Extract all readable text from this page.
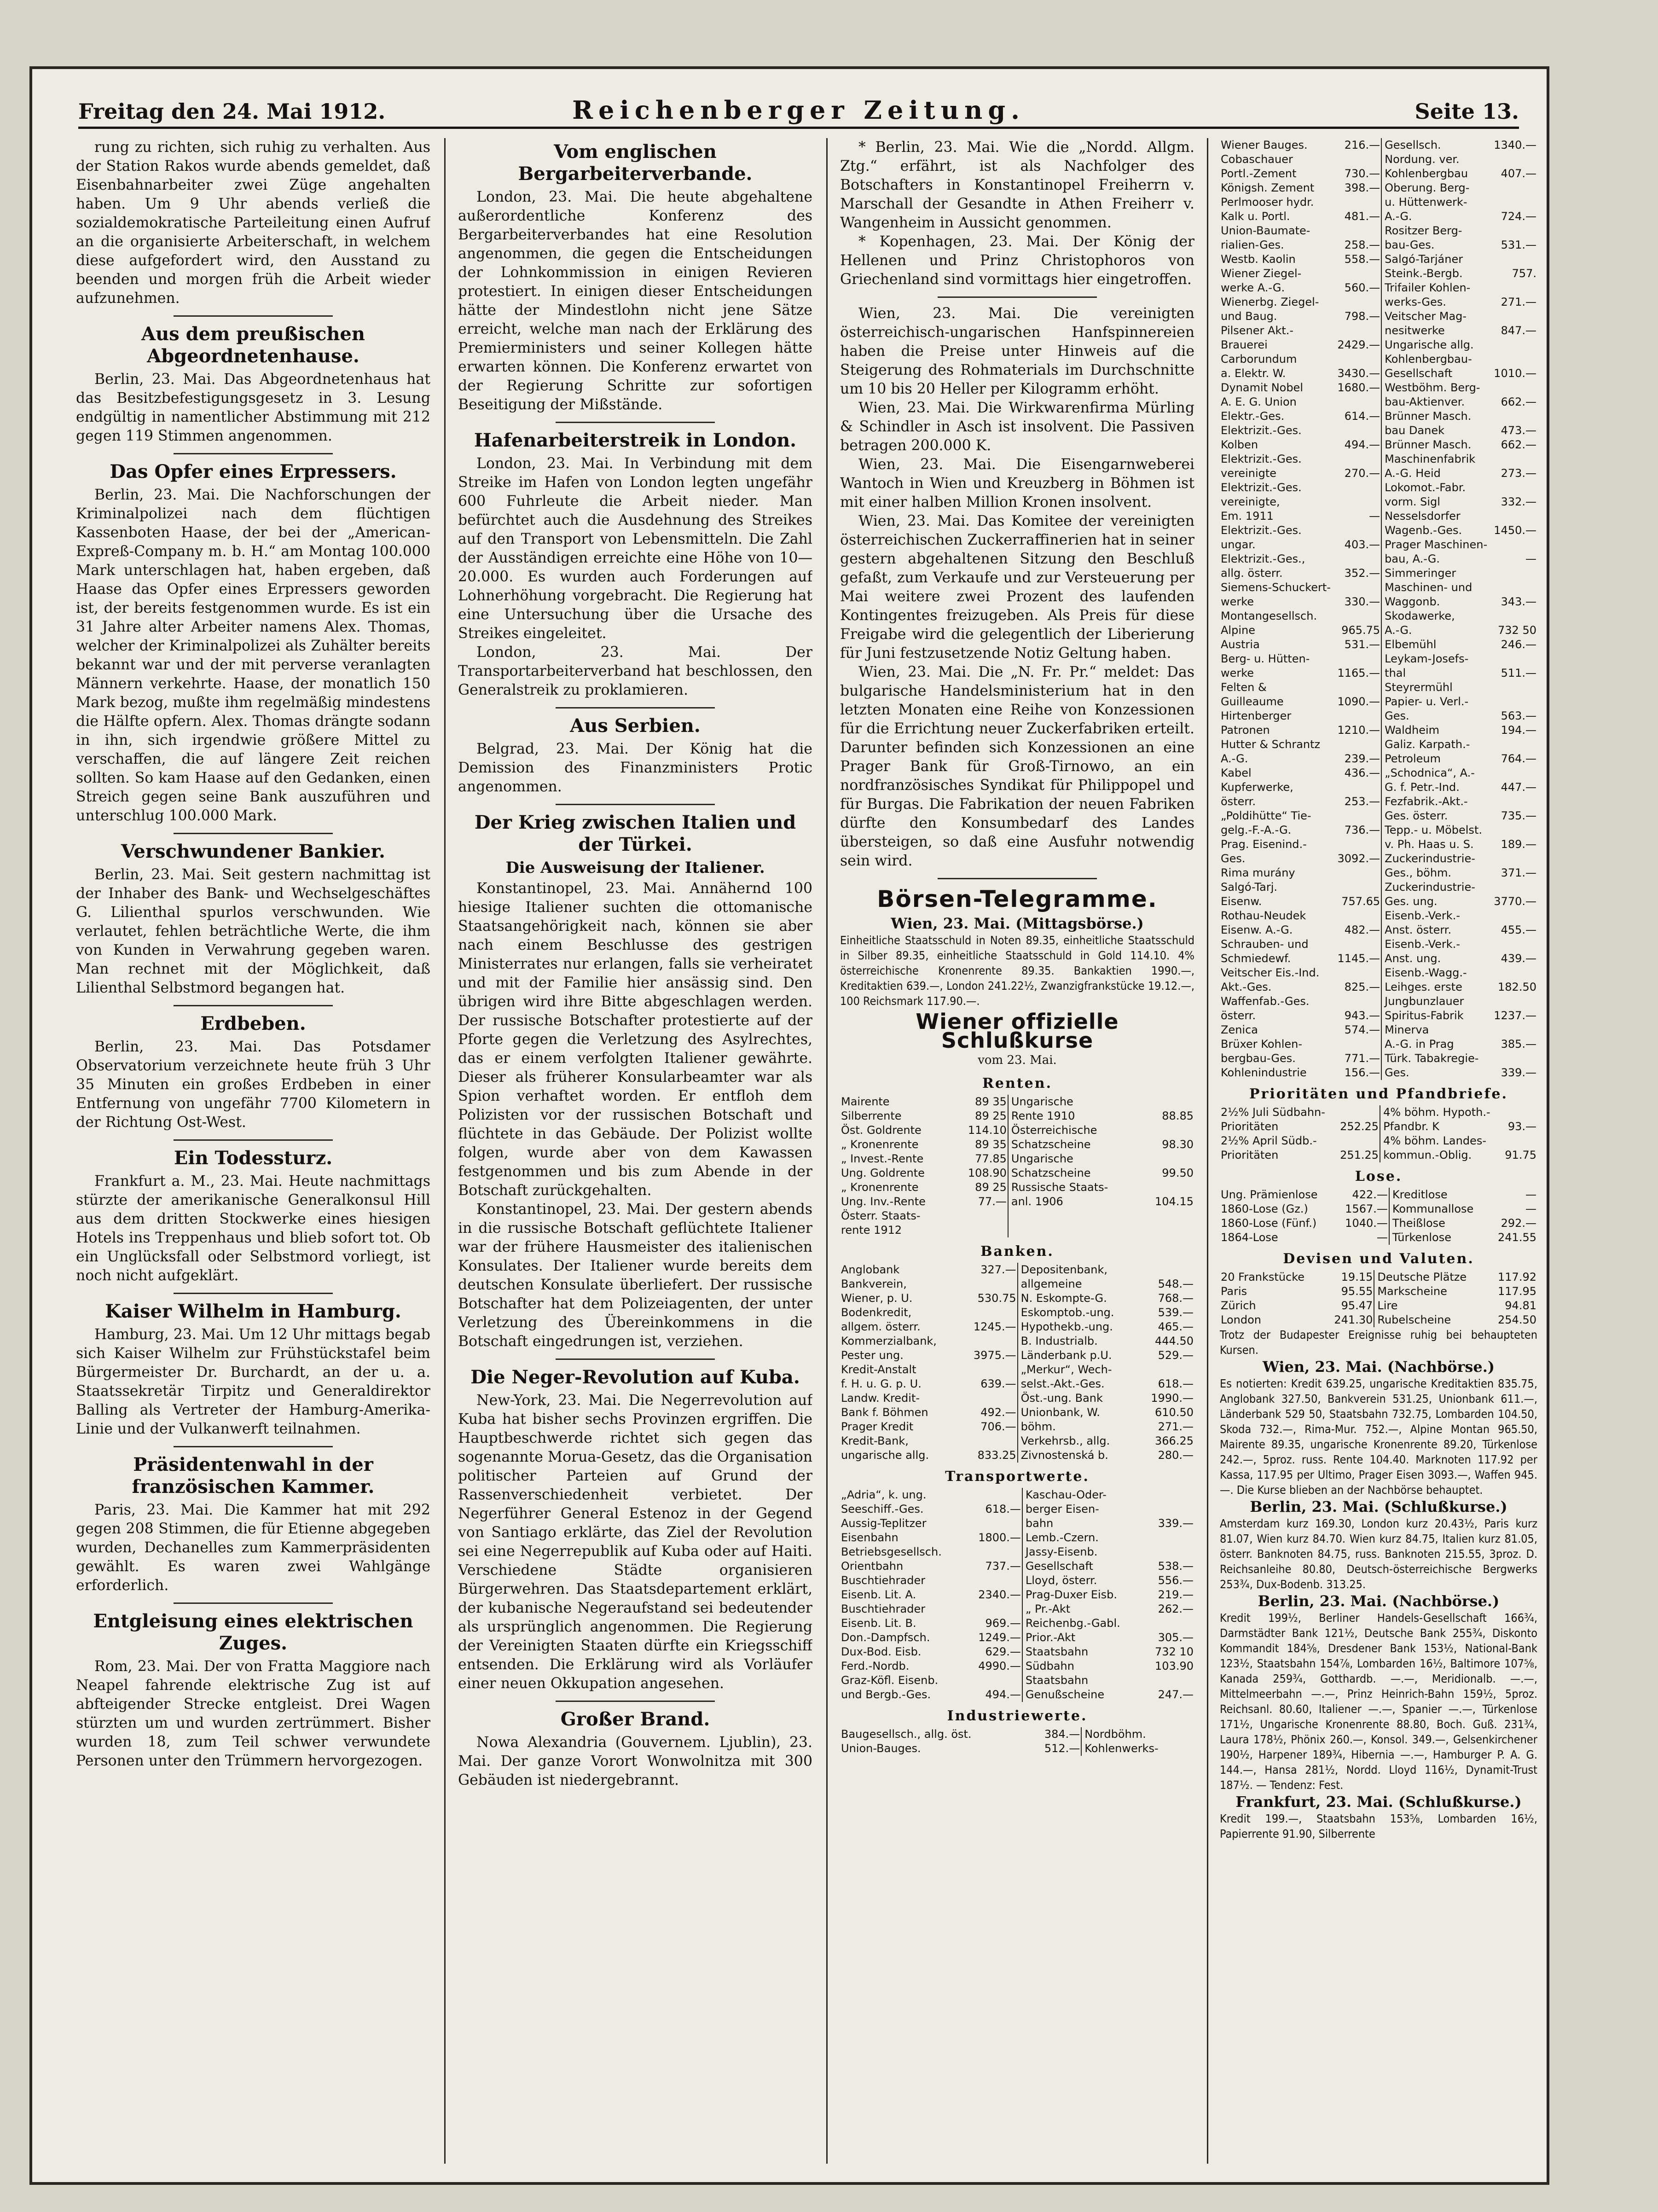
Freitag den 24. Mai 1912.	Reichenberger Zeitung.	Seite 13.

rung zu richten, sich ruhig zu verhalten. Aus der Station Rakos wurde abends gemeldet, daß Eisenbahnarbeiter zwei Züge angehalten haben. Um 9 Uhr abends verließ die sozialdemokratische Parteileitung einen Aufruf an die organisierte Arbeiterschaft, in welchem diese aufgefordert wird, den Ausstand zu beenden und morgen früh die Arbeit wieder aufzunehmen.

Aus dem preußischen Abgeordnetenhause.

Berlin, 23. Mai. Das Abgeordnetenhaus hat das Besitzbefestigungsgesetz in 3. Lesung endgültig in namentlicher Abstimmung mit 212 gegen 119 Stimmen angenommen.

Das Opfer eines Erpressers.

Berlin, 23. Mai. Die Nachforschungen der Kriminalpolizei nach dem flüchtigen Kassenboten Haase, der bei der „American-Expreß-Company m. b. H.“ am Montag 100.000 Mark unterschlagen hat, haben ergeben, daß Haase das Opfer eines Erpressers geworden ist, der bereits festgenommen wurde. Es ist ein 31 Jahre alter Arbeiter namens Alex. Thomas, welcher der Kriminalpolizei als Zuhälter bereits bekannt war und der mit perverse veranlagten Männern verkehrte. Haase, der monatlich 150 Mark bezog, mußte ihm regelmäßig mindestens die Hälfte opfern. Alex. Thomas drängte sodann in ihn, sich irgendwie größere Mittel zu verschaffen, die auf längere Zeit reichen sollten. So kam Haase auf den Gedanken, einen Streich gegen seine Bank auszuführen und unterschlug 100.000 Mark.

Verschwundener Bankier.

Berlin, 23. Mai. Seit gestern nachmittag ist der Inhaber des Bank- und Wechselgeschäftes G. Lilienthal spurlos verschwunden. Wie verlautet, fehlen beträchtliche Werte, die ihm von Kunden in Verwahrung gegeben waren. Man rechnet mit der Möglichkeit, daß Lilienthal Selbstmord begangen hat.

Erdbeben.

Berlin, 23. Mai. Das Potsdamer Observatorium verzeichnete heute früh 3 Uhr 35 Minuten ein großes Erdbeben in einer Entfernung von ungefähr 7700 Kilometern in der Richtung Ost-West.

Ein Todessturz.

Frankfurt a. M., 23. Mai. Heute nachmittags stürzte der amerikanische Generalkonsul Hill aus dem dritten Stockwerke eines hiesigen Hotels ins Treppenhaus und blieb sofort tot. Ob ein Unglücksfall oder Selbstmord vorliegt, ist noch nicht aufgeklärt.

Kaiser Wilhelm in Hamburg.

Hamburg, 23. Mai. Um 12 Uhr mittags begab sich Kaiser Wilhelm zur Frühstückstafel beim Bürgermeister Dr. Burchardt, an der u. a. Staatssekretär Tirpitz und Generaldirektor Balling als Vertreter der Hamburg-Amerika-Linie und der Vulkanwerft teilnahmen.

Präsidentenwahl in der französischen Kammer.

Paris, 23. Mai. Die Kammer hat mit 292 gegen 208 Stimmen, die für Etienne abgegeben wurden, Dechanelles zum Kammerpräsidenten gewählt. Es waren zwei Wahlgänge erforderlich.

Entgleisung eines elektrischen Zuges.

Rom, 23. Mai. Der von Fratta Maggiore nach Neapel fahrende elektrische Zug ist auf abfteigender Strecke entgleist. Drei Wagen stürzten um und wurden zertrümmert. Bisher wurden 18, zum Teil schwer verwundete Personen unter den Trümmern hervorgezogen.

Vom englischen Bergarbeiterverbande.

London, 23. Mai. Die heute abgehaltene außerordentliche Konferenz des Bergarbeiterverbandes hat eine Resolution angenommen, die gegen die Entscheidungen der Lohnkommission in einigen Revieren protestiert. In einigen dieser Entscheidungen hätte der Mindestlohn nicht jene Sätze erreicht, welche man nach der Erklärung des Premierministers und seiner Kollegen hätte erwarten können. Die Konferenz erwartet von der Regierung Schritte zur sofortigen Beseitigung der Mißstände.

Hafenarbeiterstreik in London.

London, 23. Mai. In Verbindung mit dem Streike im Hafen von London legten ungefähr 600 Fuhrleute die Arbeit nieder. Man befürchtet auch die Ausdehnung des Streikes auf den Transport von Lebensmitteln. Die Zahl der Ausständigen erreichte eine Höhe von 10—20.000. Es wurden auch Forderungen auf Lohnerhöhung vorgebracht. Die Regierung hat eine Untersuchung über die Ursache des Streikes eingeleitet.

London, 23. Mai. Der Transportarbeiterverband hat beschlossen, den Generalstreik zu proklamieren.

Aus Serbien.

Belgrad, 23. Mai. Der König hat die Demission des Finanzministers Protic angenommen.

Der Krieg zwischen Italien und der Türkei.
Die Ausweisung der Italiener.

Konstantinopel, 23. Mai. Annähernd 100 hiesige Italiener suchten die ottomanische Staatsangehörigkeit nach, können sie aber nach einem Beschlusse des gestrigen Ministerrates nur erlangen, falls sie verheiratet und mit der Familie hier ansässig sind. Den übrigen wird ihre Bitte abgeschlagen werden. Der russische Botschafter protestierte auf der Pforte gegen die Verletzung des Asylrechtes, das er einem verfolgten Italiener gewährte. Dieser als früherer Konsularbeamter war als Spion verhaftet worden. Er entfloh dem Polizisten vor der russischen Botschaft und flüchtete in das Gebäude. Der Polizist wollte folgen, wurde aber von dem Kawassen festgenommen und bis zum Abende in der Botschaft zurückgehalten.

Konstantinopel, 23. Mai. Der gestern abends in die russische Botschaft geflüchtete Italiener war der frühere Hausmeister des italienischen Konsulates. Der Italiener wurde bereits dem deutschen Konsulate überliefert. Der russische Botschafter hat dem Polizeiagenten, der unter Verletzung des Übereinkommens in die Botschaft eingedrungen ist, verziehen.

Die Neger-Revolution auf Kuba.

New-York, 23. Mai. Die Negerrevolution auf Kuba hat bisher sechs Provinzen ergriffen. Die Hauptbeschwerde richtet sich gegen das sogenannte Morua-Gesetz, das die Organisation politischer Parteien auf Grund der Rassenverschiedenheit verbietet. Der Negerführer General Estenoz in der Gegend von Santiago erklärte, das Ziel der Revolution sei eine Negerrepublik auf Kuba oder auf Haiti. Verschiedene Städte organisieren Bürgerwehren. Das Staatsdepartement erklärt, der kubanische Negeraufstand sei bedeutender als ursprünglich angenommen. Die Regierung der Vereinigten Staaten dürfte ein Kriegsschiff entsenden. Die Erklärung wird als Vorläufer einer neuen Okkupation angesehen.

Großer Brand.

Nowa Alexandria (Gouvernem. Ljublin), 23. Mai. Der ganze Vorort Wonwolnitza mit 300 Gebäuden ist niedergebrannt.

* Berlin, 23. Mai. Wie die „Nordd. Allgm. Ztg.“ erfährt, ist als Nachfolger des Botschafters in Konstantinopel Freiherrn v. Marschall der Gesandte in Athen Freiherr v. Wangenheim in Aussicht genommen.

* Kopenhagen, 23. Mai. Der König der Hellenen und Prinz Christophoros von Griechenland sind vormittags hier eingetroffen.

Wien, 23. Mai. Die vereinigten österreichisch-ungarischen Hanfspinnereien haben die Preise unter Hinweis auf die Steigerung des Rohmaterials im Durchschnitte um 10 bis 20 Heller per Kilogramm erhöht.

Wien, 23. Mai. Die Wirkwarenfirma Mürling & Schindler in Asch ist insolvent. Die Passiven betragen 200.000 K.

Wien, 23. Mai. Die Eisengarnweberei Wantoch in Wien und Kreuzberg in Böhmen ist mit einer halben Million Kronen insolvent.

Wien, 23. Mai. Das Komitee der vereinigten österreichischen Zuckerraffinerien hat in seiner gestern abgehaltenen Sitzung den Beschluß gefaßt, zum Verkaufe und zur Versteuerung per Mai weitere zwei Prozent des laufenden Kontingentes freizugeben. Als Preis für diese Freigabe wird die gelegentlich der Liberierung für Juni festzusetzende Notiz Geltung haben.

Wien, 23. Mai. Die „N. Fr. Pr.“ meldet: Das bulgarische Handelsministerium hat in den letzten Monaten eine Reihe von Konzessionen für die Errichtung neuer Zuckerfabriken erteilt. Darunter befinden sich Konzessionen an eine Prager Bank für Groß-Tirnowo, an ein nordfranzösisches Syndikat für Philippopel und für Burgas. Die Fabrikation der neuen Fabriken dürfte den Konsumbedarf des Landes übersteigen, so daß eine Ausfuhr notwendig sein wird.

Börsen-Telegramme.
Wien, 23. Mai. (Mittagsbörse.)
Einheitliche Staatsschuld in Noten 89.35, einheitliche Staatsschuld in Silber 89.35, einheitliche Staatsschuld in Gold 114.10. 4% österreichische Kronenrente 89.35. Bankaktien 1990.—, Kreditaktien 639.—, London 241.22½, Zwanzigfrankstücke 19.12.—, 100 Reichsmark 117.90.—.
Wiener offizielle Schlußkurse
vom 23. Mai.
Renten.
Mairente	89 35	Ungarische	
Silberrente	89 25	Rente 1910	88.85
Öst. Goldrente	114.10	Österreichische	
„ Kronenrente	89 35	Schatzscheine	98.30
„ Invest.-Rente	77.85	Ungarische	
Ung. Goldrente	108.90	Schatzscheine	99.50
„ Kronenrente	89 25	Russische Staats-	
Ung. Inv.-Rente	77.—	anl. 1906	104.15
Österr. Staats-			
rente 1912			
Banken.
Anglobank	327.—	Depositenbank,	
Bankverein,		allgemeine	548.—
Wiener, p. U.	530.75	N. Eskompte-G.	768.—
Bodenkredit,		Eskomptob.-ung.	539.—
allgem. österr.	1245.—	Hypothekb.-ung.	465.—
Kommerzialbank,		B. Industrialb.	444.50
Pester ung.	3975.—	Länderbank p.U.	529.—
Kredit-Anstalt		„Merkur“, Wech-	
f. H. u. G. p. U.	639.—	selst.-Akt.-Ges.	618.—
Landw. Kredit-		Öst.-ung. Bank	1990.—
Bank f. Böhmen	492.—	Unionbank, W.	610.50
Prager Kredit	706.—	böhm.	271.—
Kredit-Bank,		Verkehrsb., allg.	366.25
ungarische allg.	833.25	Zivnostenská b.	280.—
Transportwerte.
„Adria“, k. ung.		Kaschau-Oder-	
Seeschiff.-Ges.	618.—	berger Eisen-	
Aussig-Teplitzer		bahn	339.—
Eisenbahn	1800.—	Lemb.-Czern.	
Betriebsgesellsch.		Jassy-Eisenb.	
Orientbahn	737.—	Gesellschaft	538.—
Buschtiehrader		Lloyd, österr.	556.—
Eisenb. Lit. A.	2340.—	Prag-Duxer Eisb.	219.—
Buschtiehrader		„ Pr.-Akt	262.—
Eisenb. Lit. B.	969.—	Reichenbg.-Gabl.	
Don.-Dampfsch.	1249.—	Prior.-Akt	305.—
Dux-Bod. Eisb.	629.—	Staatsbahn	732 10
Ferd.-Nordb.	4990.—	Südbahn	103.90
Graz-Köfl. Eisenb.		Staatsbahn	
und Bergb.-Ges.	494.—	Genußscheine	247.—
Industriewerte.
Baugesellsch., allg. öst.	384.—	Nordböhm.	
Union-Bauges.	512.—	Kohlenwerks-	
Wiener Bauges.	216.—	Gesellsch.	1340.—
Cobaschauer		Nordung. ver.	
Portl.-Zement	730.—	Kohlenbergbau	407.—
Königsh. Zement	398.—	Oberung. Berg-	
Perlmooser hydr.		u. Hüttenwerk-	
Kalk u. Portl.	481.—	A.-G.	724.—
Union-Baumate-		Rositzer Berg-	
rialien-Ges.	258.—	bau-Ges.	531.—
Westb. Kaolin	558.—	Salgó-Tarjáner	
Wiener Ziegel-		Steink.-Bergb.	757.
werke A.-G.	560.—	Trifailer Kohlen-	
Wienerbg. Ziegel-		werks-Ges.	271.—
und Baug.	798.—	Veitscher Mag-	
Pilsener Akt.-		nesitwerke	847.—
Brauerei	2429.—	Ungarische allg.	
Carborundum		Kohlenbergbau-	
a. Elektr. W.	3430.—	Gesellschaft	1010.—
Dynamit Nobel	1680.—	Westböhm. Berg-	
A. E. G. Union		bau-Aktienver.	662.—
Elektr.-Ges.	614.—	Brünner Masch.	
Elektrizit.-Ges.		bau Danek	473.—
Kolben	494.—	Brünner Masch.	662.—
Elektrizit.-Ges.		Maschinenfabrik	
vereinigte	270.—	A.-G. Heid	273.—
Elektrizit.-Ges.		Lokomot.-Fabr.	
vereinigte,		vorm. Sigl	332.—
Em. 1911	—	Nesselsdorfer	
Elektrizit.-Ges.		Wagenb.-Ges.	1450.—
ungar.	403.—	Prager Maschinen-	
Elektrizit.-Ges.,		bau, A.-G.	—
allg. österr.	352.—	Simmeringer	
Siemens-Schuckert-		Maschinen- und	
werke	330.—	Waggonb.	343.—
Montangesellsch.		Skodawerke,	
Alpine	965.75	A.-G.	732 50
Austria	531.—	Elbemühl	246.—
Berg- u. Hütten-		Leykam-Josefs-	
werke	1165.—	thal	511.—
Felten &		Steyrermühl	
Guilleaume	1090.—	Papier- u. Verl.-	
Hirtenberger		Ges.	563.—
Patronen	1210.—	Waldheim	194.—
Hutter & Schrantz		Galiz. Karpath.-	
A.-G.	239.—	Petroleum	764.—
Kabel	436.—	„Schodnica“, A.-	
Kupferwerke,		G. f. Petr.-Ind.	447.—
österr.	253.—	Fezfabrik.-Akt.-	
„Poldihütte“ Tie-		Ges. österr.	735.—
gelg.-F.-A.-G.	736.—	Tepp.- u. Möbelst.	
Prag. Eisenind.-		v. Ph. Haas u. S.	189.—
Ges.	3092.—	Zuckerindustrie-	
Rima murány		Ges., böhm.	371.—
Salgó-Tarj.		Zuckerindustrie-	
Eisenw.	757.65	Ges. ung.	3770.—
Rothau-Neudek		Eisenb.-Verk.-	
Eisenw. A.-G.	482.—	Anst. österr.	455.—
Schrauben- und		Eisenb.-Verk.-	
Schmiedewf.	1145.—	Anst. ung.	439.—
Veitscher Eis.-Ind.		Eisenb.-Wagg.-	
Akt.-Ges.	825.—	Leihges. erste	182.50
Waffenfab.-Ges.		Jungbunzlauer	
österr.	943.—	Spiritus-Fabrik	1237.—
Zenica	574.—	Minerva	
Brüxer Kohlen-		A.-G. in Prag	385.—
bergbau-Ges.	771.—	Türk. Tabakregie-	
Kohlenindustrie	156.—	Ges.	339.—
Prioritäten und Pfandbriefe.
2½% Juli Südbahn-		4% böhm. Hypoth.-	
Prioritäten	252.25	Pfandbr. K	93.—
2½% April Südb.-		4% böhm. Landes-	
Prioritäten	251.25	kommun.-Oblig.	91.75
Lose.
Ung. Prämienlose	422.—	Kreditlose	—
1860-Lose (Gz.)	1567.—	Kommunallose	—
1860-Lose (Fünf.)	1040.—	Theißlose	292.—
1864-Lose	—	Türkenlose	241.55
Devisen und Valuten.
20 Frankstücke	19.15	Deutsche Plätze	117.92
Paris	95.55	Markscheine	117.95
Zürich	95.47	Lire	94.81
London	241.30	Rubelscheine	254.50
Trotz der Budapester Ereignisse ruhig bei behaupteten Kursen.
Wien, 23. Mai. (Nachbörse.)
Es notierten: Kredit 639.25, ungarische Kreditaktien 835.75, Anglobank 327.50, Bankverein 531.25, Unionbank 611.—, Länderbank 529 50, Staatsbahn 732.75, Lombarden 104.50, Skoda 732.—, Rima-Mur. 752.—, Alpine Montan 965.50, Mairente 89.35, ungarische Kronenrente 89.20, Türkenlose 242.—, 5proz. russ. Rente 104.40. Marknoten 117.92 per Kassa, 117.95 per Ultimo, Prager Eisen 3093.—, Waffen 945.—. Die Kurse blieben an der Nachbörse behauptet.
Berlin, 23. Mai. (Schlußkurse.)
Amsterdam kurz 169.30, London kurz 20.43½, Paris kurz 81.07, Wien kurz 84.70. Wien kurz 84.75, Italien kurz 81.05, österr. Banknoten 84.75, russ. Banknoten 215.55, 3proz. D. Reichsanleihe 80.80, Deutsch-österreichische Bergwerks 253¾, Dux-Bodenb. 313.25.
Berlin, 23. Mai. (Nachbörse.)
Kredit 199½, Berliner Handels-Gesellschaft 166¾, Darmstädter Bank 121½, Deutsche Bank 255¾, Diskonto Kommandit 184⅝, Dresdener Bank 153½, National-Bank 123½, Staatsbahn 154⅞, Lombarden 16½, Baltimore 107⅝, Kanada 259¾, Gotthardb. —.—, Meridionalb. —.—, Mittelmeerbahn —.—, Prinz Heinrich-Bahn 159½, 5proz. Reichsanl. 80.60, Italiener —.—, Spanier —.—, Türkenlose 171½, Ungarische Kronenrente 88.80, Boch. Guß. 231¾, Laura 178½, Phönix 260.—, Konsol. 349.—, Gelsenkirchener 190½, Harpener 189¾, Hibernia —.—, Hamburger P. A. G. 144.—, Hansa 281½, Nordd. Lloyd 116½, Dynamit-Trust 187½. — Tendenz: Fest.
Frankfurt, 23. Mai. (Schlußkurse.)
Kredit 199.—, Staatsbahn 153⅝, Lombarden 16½, Papierrente 91.90, Silberrente
